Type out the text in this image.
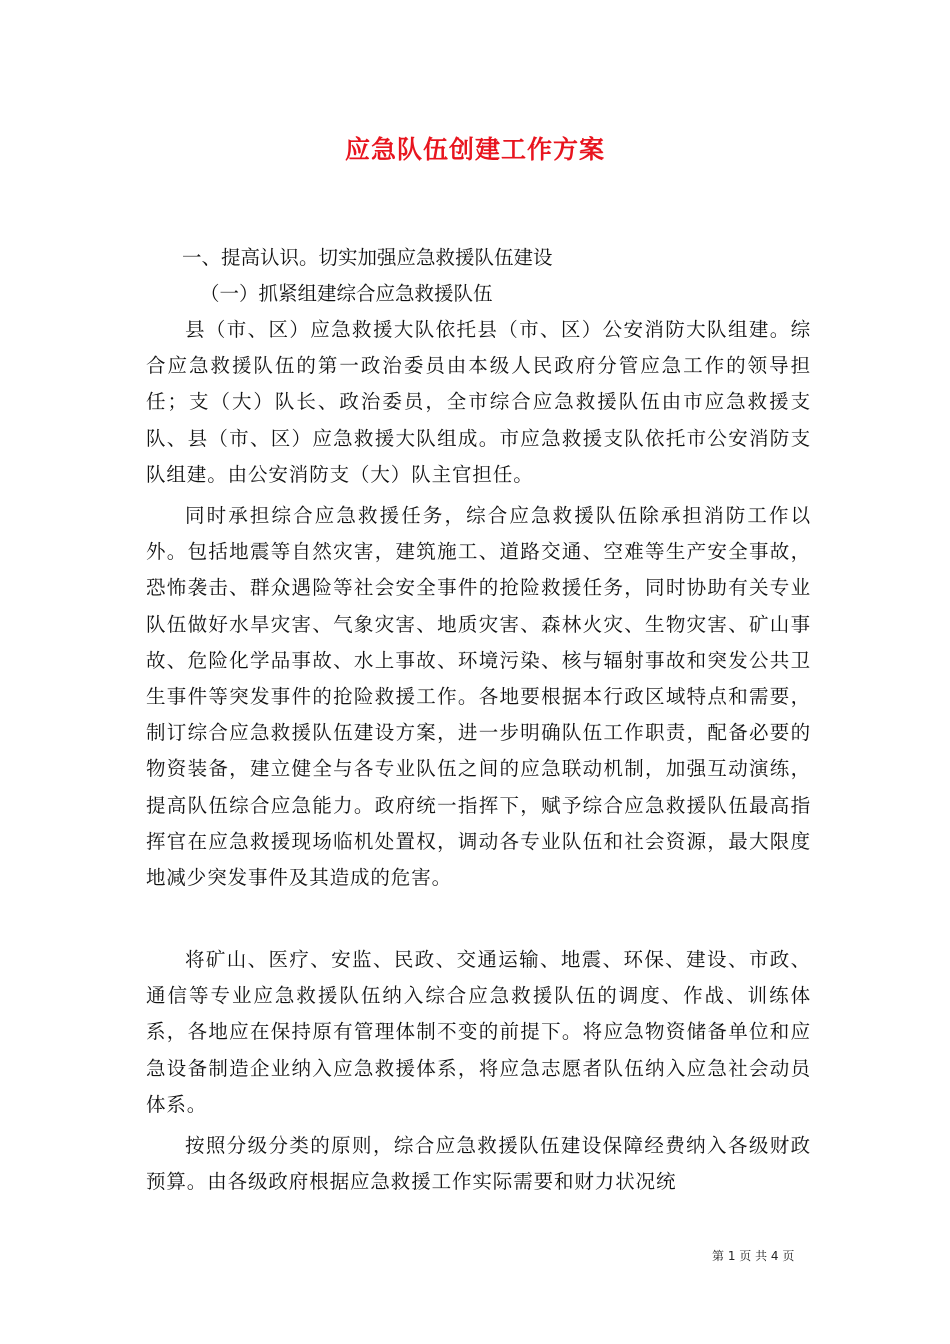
应急队伍创建工作方案
一、提高认识。切实加强应急救援队伍建设
（一）抓紧组建综合应急救援队伍
县（市、区）应急救援大队依托县（市、区）公安消防大队组建。综合应急救援队伍的第一政治委员由本级人民政府分管应急工作的领导担任；支（大）队长、政治委员，全市综合应急救援队伍由市应急救援支队、县（市、区）应急救援大队组成。市应急救援支队依托市公安消防支队组建。由公安消防支（大）队主官担任。
同时承担综合应急救援任务，综合应急救援队伍除承担消防工作以外。包括地震等自然灾害，建筑施工、道路交通、空难等生产安全事故，恐怖袭击、群众遇险等社会安全事件的抢险救援任务，同时协助有关专业队伍做好水旱灾害、气象灾害、地质灾害、森林火灾、生物灾害、矿山事故、危险化学品事故、水上事故、环境污染、核与辐射事故和突发公共卫生事件等突发事件的抢险救援工作。各地要根据本行政区域特点和需要，制订综合应急救援队伍建设方案，进一步明确队伍工作职责，配备必要的物资装备，建立健全与各专业队伍之间的应急联动机制，加强互动演练，提高队伍综合应急能力。政府统一指挥下，赋予综合应急救援队伍最高指挥官在应急救援现场临机处置权，调动各专业队伍和社会资源，最大限度地减少突发事件及其造成的危害。
将矿山、医疗、安监、民政、交通运输、地震、环保、建设、市政、通信等专业应急救援队伍纳入综合应急救援队伍的调度、作战、训练体系，各地应在保持原有管理体制不变的前提下。将应急物资储备单位和应急设备制造企业纳入应急救援体系，将应急志愿者队伍纳入应急社会动员体系。
按照分级分类的原则，综合应急救援队伍建设保障经费纳入各级财政预算。由各级政府根据应急救援工作实际需要和财力状况统
第 1 页 共 4 页
